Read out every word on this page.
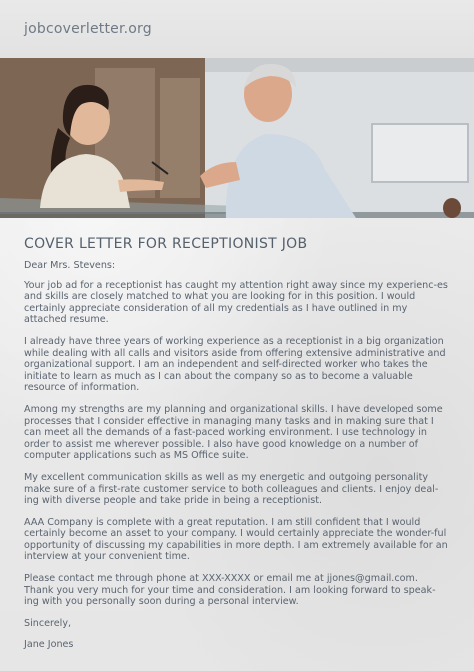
jobcoverletter.org
COVER LETTER FOR RECEPTIONIST JOB

Dear Mrs. Stevens:

Your job ad for a receptionist has caught my attention right away since my experienc-es and skills are closely matched to what you are looking for in this position. I would certainly appreciate consideration of all my credentials as I have outlined in my attached resume.

I already have three years of working experience as a receptionist in a big organization while dealing with all calls and visitors aside from offering extensive administrative and organizational support. I am an independent and self-directed worker who takes the initiate to learn as much as I can about the company so as to become a valuable resource of information.

Among my strengths are my planning and organizational skills. I have developed some processes that I consider effective in managing many tasks and in making sure that I can meet all the demands of a fast-paced working environment. I use technology in order to assist me wherever possible. I also have good knowledge on a number of computer applications such as MS Office suite.

My excellent communication skills as well as my energetic and outgoing personality make sure of a first-rate customer service to both colleagues and clients. I enjoy deal-ing with diverse people and take pride in being a receptionist.

AAA Company is complete with a great reputation. I am still confident that I would certainly become an asset to your company. I would certainly appreciate the wonder-ful opportunity of discussing my capabilities in more depth. I am extremely available for an interview at your convenient time.

Please contact me through phone at XXX-XXXX or email me at jjones@gmail.com. Thank you very much for your time and consideration. I am looking forward to speak-ing with you personally soon during a personal interview.

Sincerely,

Jane Jones
